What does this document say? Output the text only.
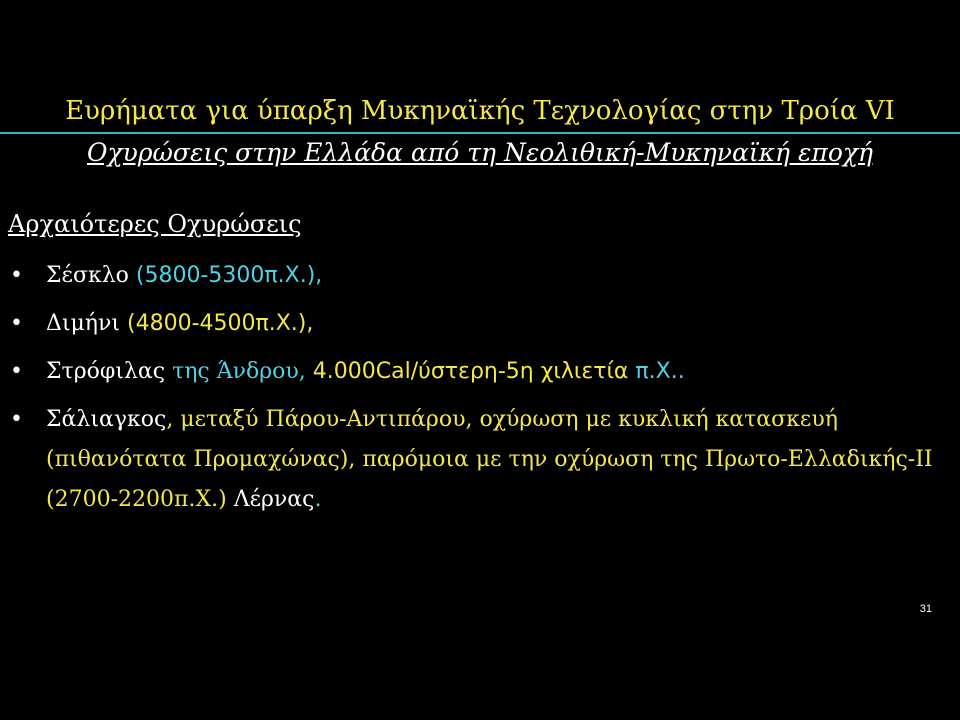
Ευρήματα για ύπαρξη Μυκηναϊκής Τεχνολογίας στην Τροία VI
Οχυρώσεις στην Ελλάδα από τη Νεολιθική-Μυκηναϊκή εποχή
Αρχαιότερες Οχυρώσεις
• Σέσκλο (5800-5300π.Χ.),
• Διμήνι (4800-4500π.Χ.),
• Στρόφιλας της Άνδρου, 4.000Cal/ύστερη-5η χιλιετία π.Χ..
• Σάλιαγκος, μεταξύ Πάρου-Αντιπάρου, οχύρωση με κυκλική κατασκευή (πιθανότατα Προμαχώνας), παρόμοια με την οχύρωση της Πρωτο-Ελλαδικής-ΙΙ (2700-2200π.Χ.) Λέρνας.
31
